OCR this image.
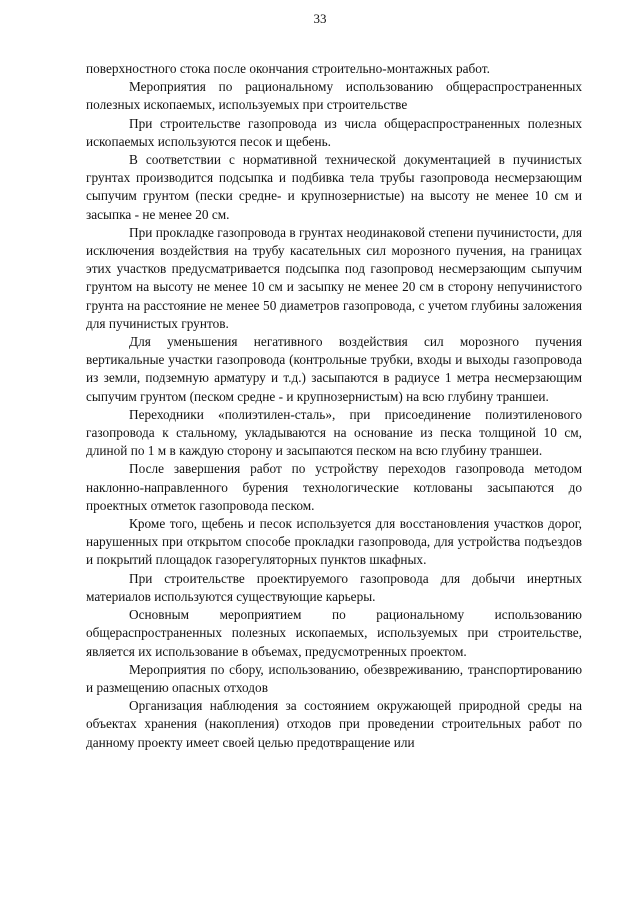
33

поверхностного стока после окончания строительно-монтажных работ.

Мероприятия по рациональному использованию общераспространенных полезных ископаемых, используемых при строительстве

При строительстве газопровода из числа общераспространенных полезных ископаемых используются песок и щебень.

В соответствии с нормативной технической документацией в пучинистых грунтах производится подсыпка и подбивка тела трубы газопровода несмерзающим сыпучим грунтом (пески средне- и крупнозернистые) на высоту не менее 10 см и засыпка - не менее 20 см.

При прокладке газопровода в грунтах неодинаковой степени пучинистости, для исключения воздействия на трубу касательных сил морозного пучения, на границах этих участков предусматривается подсыпка под газопровод несмерзающим сыпучим грунтом на высоту не менее 10 см и засыпку не менее 20 см в сторону непучинистого грунта на расстояние не менее 50 диаметров газопровода, с учетом глубины заложения для пучинистых грунтов.

Для уменьшения негативного воздействия сил морозного пучения вертикальные участки газопровода (контрольные трубки, входы и выходы газопровода из земли, подземную арматуру и т.д.) засыпаются в радиусе 1 метра несмерзающим сыпучим грунтом (песком средне - и крупнозернистым) на всю глубину траншеи.

Переходники «полиэтилен-сталь», при присоединение полиэтиленового газопровода к стальному, укладываются на основание из песка толщиной 10 см, длиной по 1 м в каждую сторону и засыпаются песком на всю глубину траншеи.

После завершения работ по устройству переходов газопровода методом наклонно-направленного бурения технологические котлованы засыпаются до проектных отметок газопровода песком.

Кроме того, щебень и песок используется для восстановления участков дорог, нарушенных при открытом способе прокладки газопровода, для устройства подъездов и покрытий площадок газорегуляторных пунктов шкафных.

При строительстве проектируемого газопровода для добычи инертных материалов используются существующие карьеры.

Основным мероприятием по рациональному использованию общераспространенных полезных ископаемых, используемых при строительстве, является их использование в объемах, предусмотренных проектом.

Мероприятия по сбору, использованию, обезвреживанию, транспортированию и размещению опасных отходов

Организация наблюдения за состоянием окружающей природной среды на объектах хранения (накопления) отходов при проведении строительных работ по данному проекту имеет своей целью предотвращение или
